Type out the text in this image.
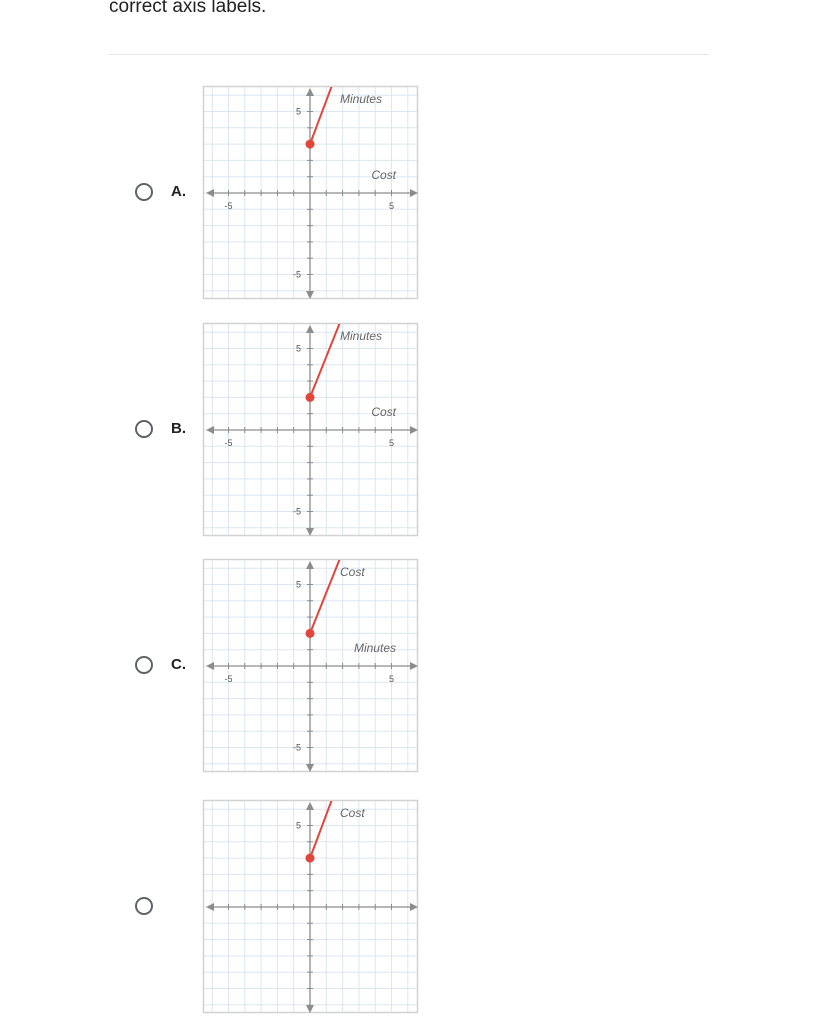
correct axis labels.
A.
-5	5
5
-5
Minutes
Cost
B.
-5	5
5
-5
Minutes
Cost
C.
-5	5
5
-5
Cost
Minutes
5
Cost
